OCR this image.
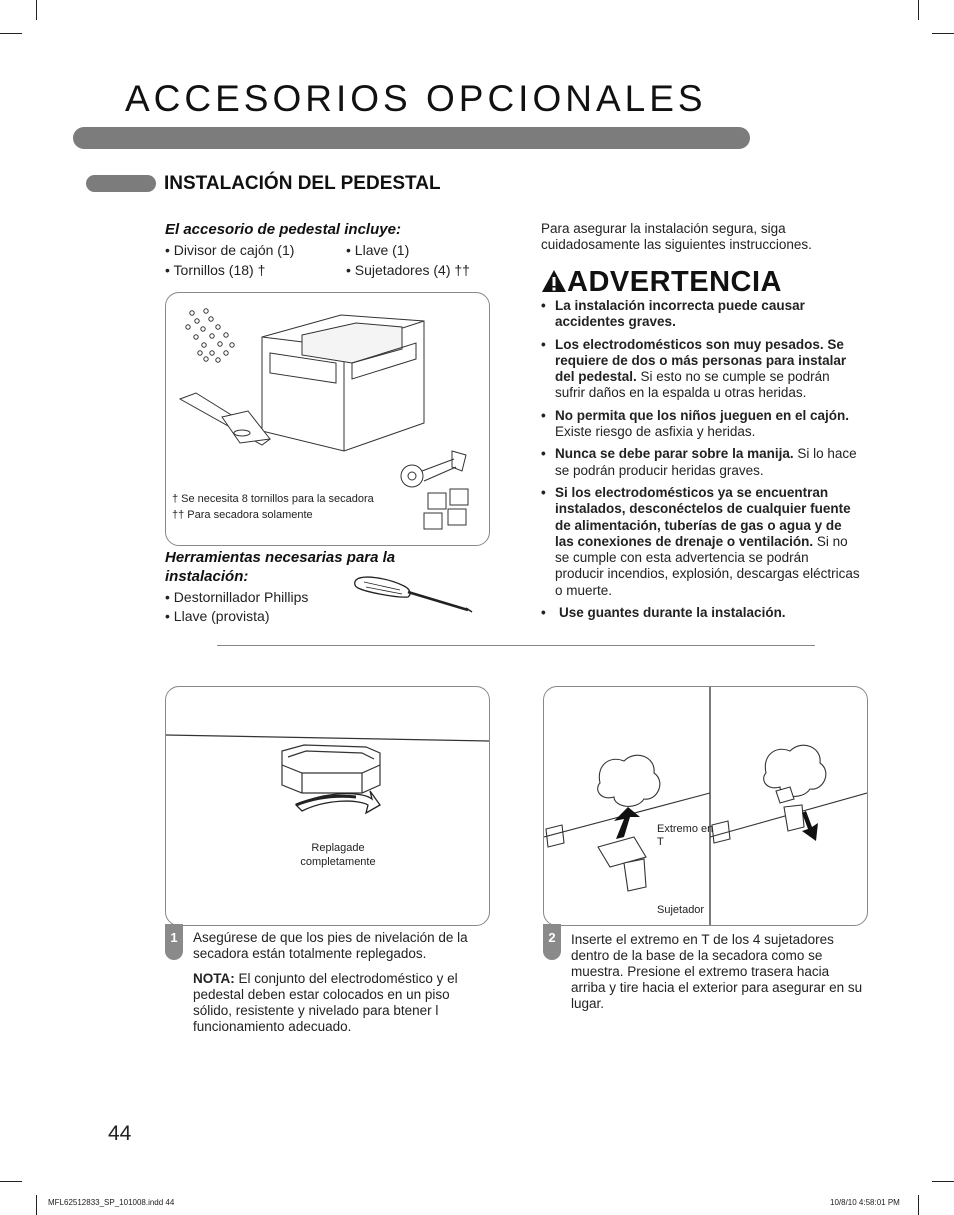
ACCESORIOS OPCIONALES
INSTALACIÓN DEL PEDESTAL
El accesorio de pedestal incluye:
• Divisor de cajón (1)	• Llave (1)
• Tornillos (18) †	• Sujetadores (4) ††
† Se necesita 8 tornillos para la secadora
†† Para secadora solamente
Herramientas necesarias para la instalación:
• Destornillador Phillips
• Llave (provista)
Para asegurar la instalación segura, siga cuidadosamente las siguientes instrucciones.
ADVERTENCIA
• La instalación incorrecta puede causar accidentes graves.
• Los electrodomésticos son muy pesados. Se requiere de dos o más personas para instalar del pedestal. Si esto no se cumple se podrán sufrir daños en la espalda u otras heridas.
• No permita que los niños jueguen en el cajón. Existe riesgo de asfixia y heridas.
• Nunca se debe parar sobre la manija. Si lo hace se podrán producir heridas graves.
• Si los electrodomésticos ya se encuentran instalados, desconéctelos de cualquier fuente de alimentación, tuberías de gas o agua y de las conexiones de drenaje o ventilación. Si no se cumple con esta advertencia se podrán producir incendios, explosión, descargas eléctricas o muerte.
• Use guantes durante la instalación.
Replagade completamente
1	Asegúrese de que los pies de nivelación de la secadora están totalmente replegados.
NOTA: El conjunto del electrodoméstico y el pedestal deben estar colocados en un piso sólido, resistente y nivelado para btener l funcionamiento adecuado.
Extremo en T
Sujetador
2	Inserte el extremo en T de los 4 sujetadores dentro de la base de la secadora como se muestra. Presione el extremo trasera hacia arriba y tire hacia el exterior para asegurar en su lugar.
44
MFL62512833_SP_101008.indd 44	10/8/10 4:58:01 PM
